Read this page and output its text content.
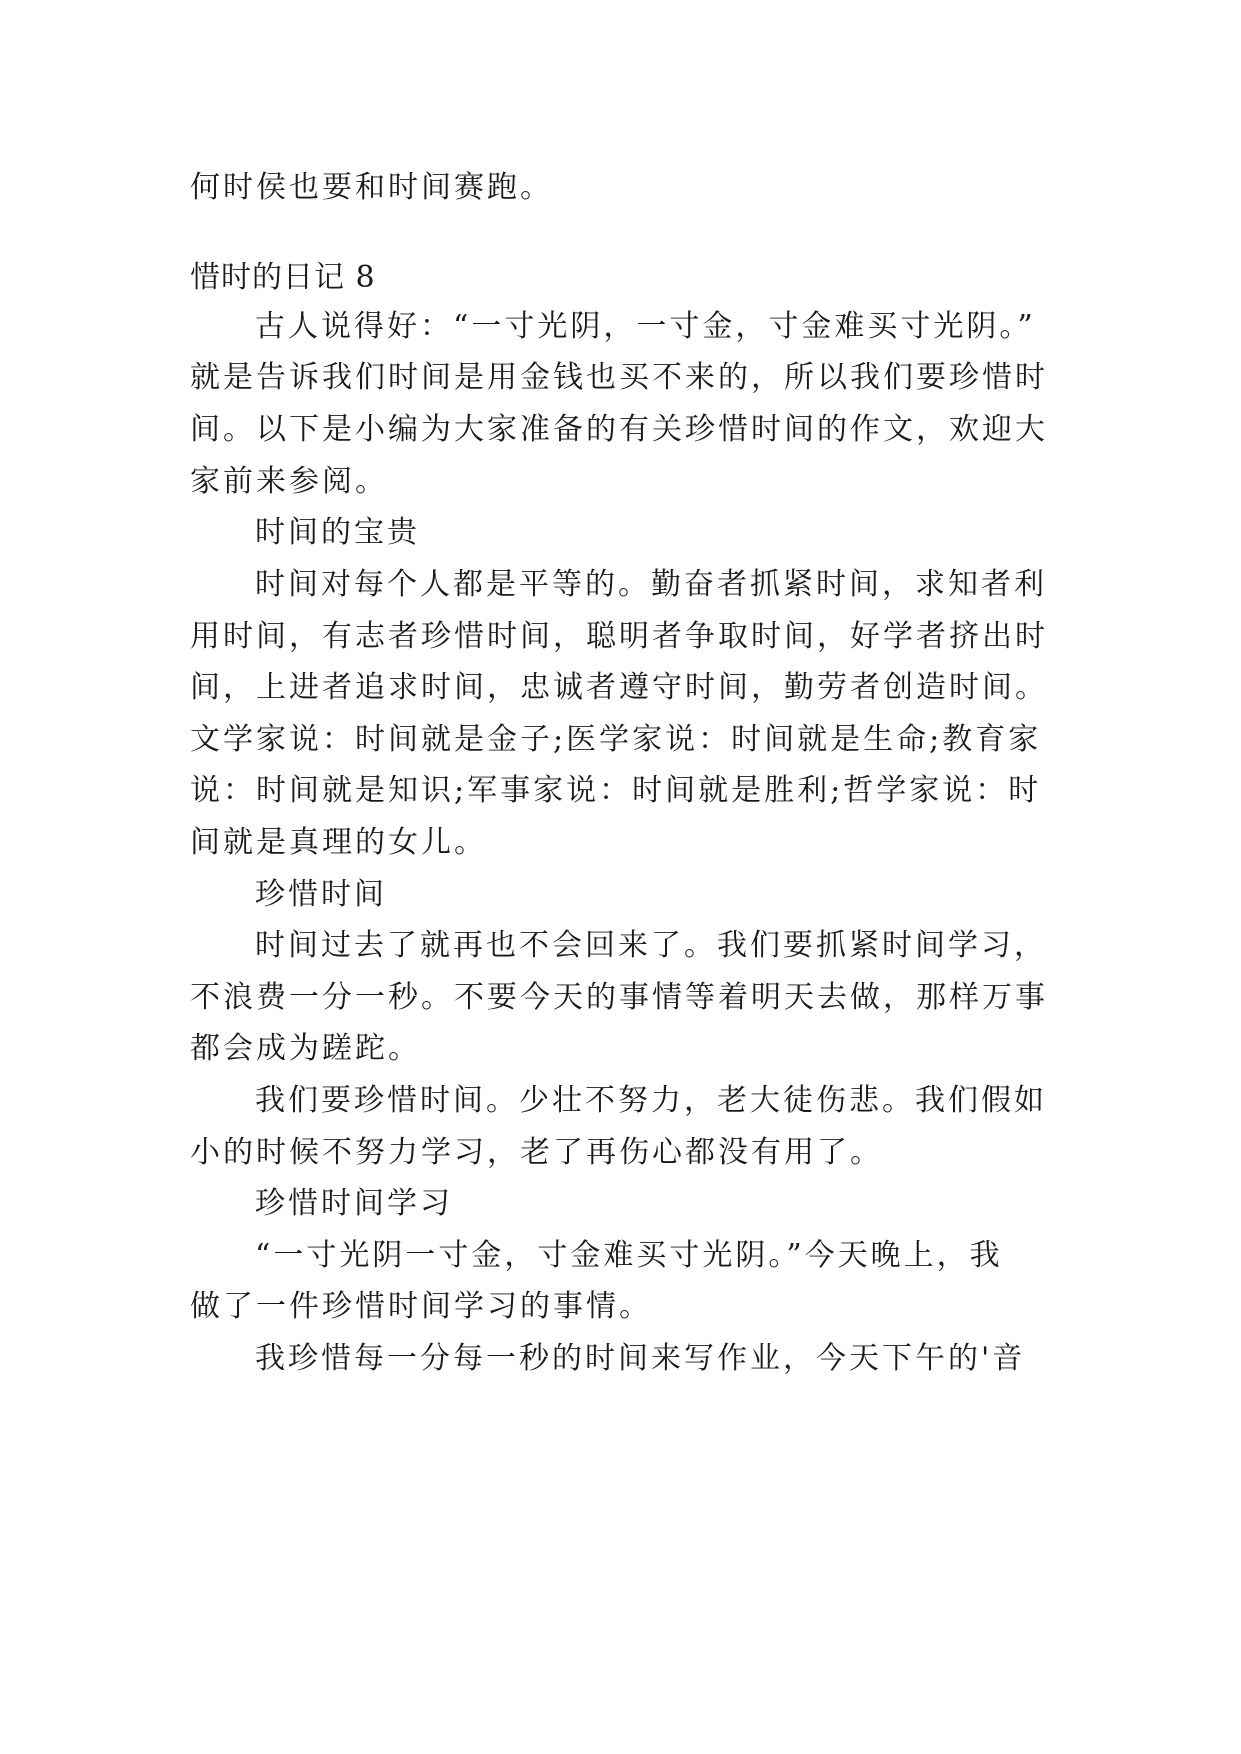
何时侯也要和时间赛跑。
惜时的日记 8
古人说得好：“一寸光阴，一寸金，寸金难买寸光阴。”
就是告诉我们时间是用金钱也买不来的，所以我们要珍惜时
间。以下是小编为大家准备的有关珍惜时间的作文，欢迎大
家前来参阅。
时间的宝贵
时间对每个人都是平等的。勤奋者抓紧时间，求知者利
用时间，有志者珍惜时间，聪明者争取时间，好学者挤出时
间，上进者追求时间，忠诚者遵守时间，勤劳者创造时间。
文学家说：时间就是金子;医学家说：时间就是生命;教育家
说：时间就是知识;军事家说：时间就是胜利;哲学家说：时
间就是真理的女儿。
珍惜时间
时间过去了就再也不会回来了。我们要抓紧时间学习，
不浪费一分一秒。不要今天的事情等着明天去做，那样万事
都会成为蹉跎。
我们要珍惜时间。少壮不努力，老大徒伤悲。我们假如
小的时候不努力学习，老了再伤心都没有用了。
珍惜时间学习
“一寸光阴一寸金，寸金难买寸光阴。”今天晚上，我
做了一件珍惜时间学习的事情。
我珍惜每一分每一秒的时间来写作业，今天下午的'音
